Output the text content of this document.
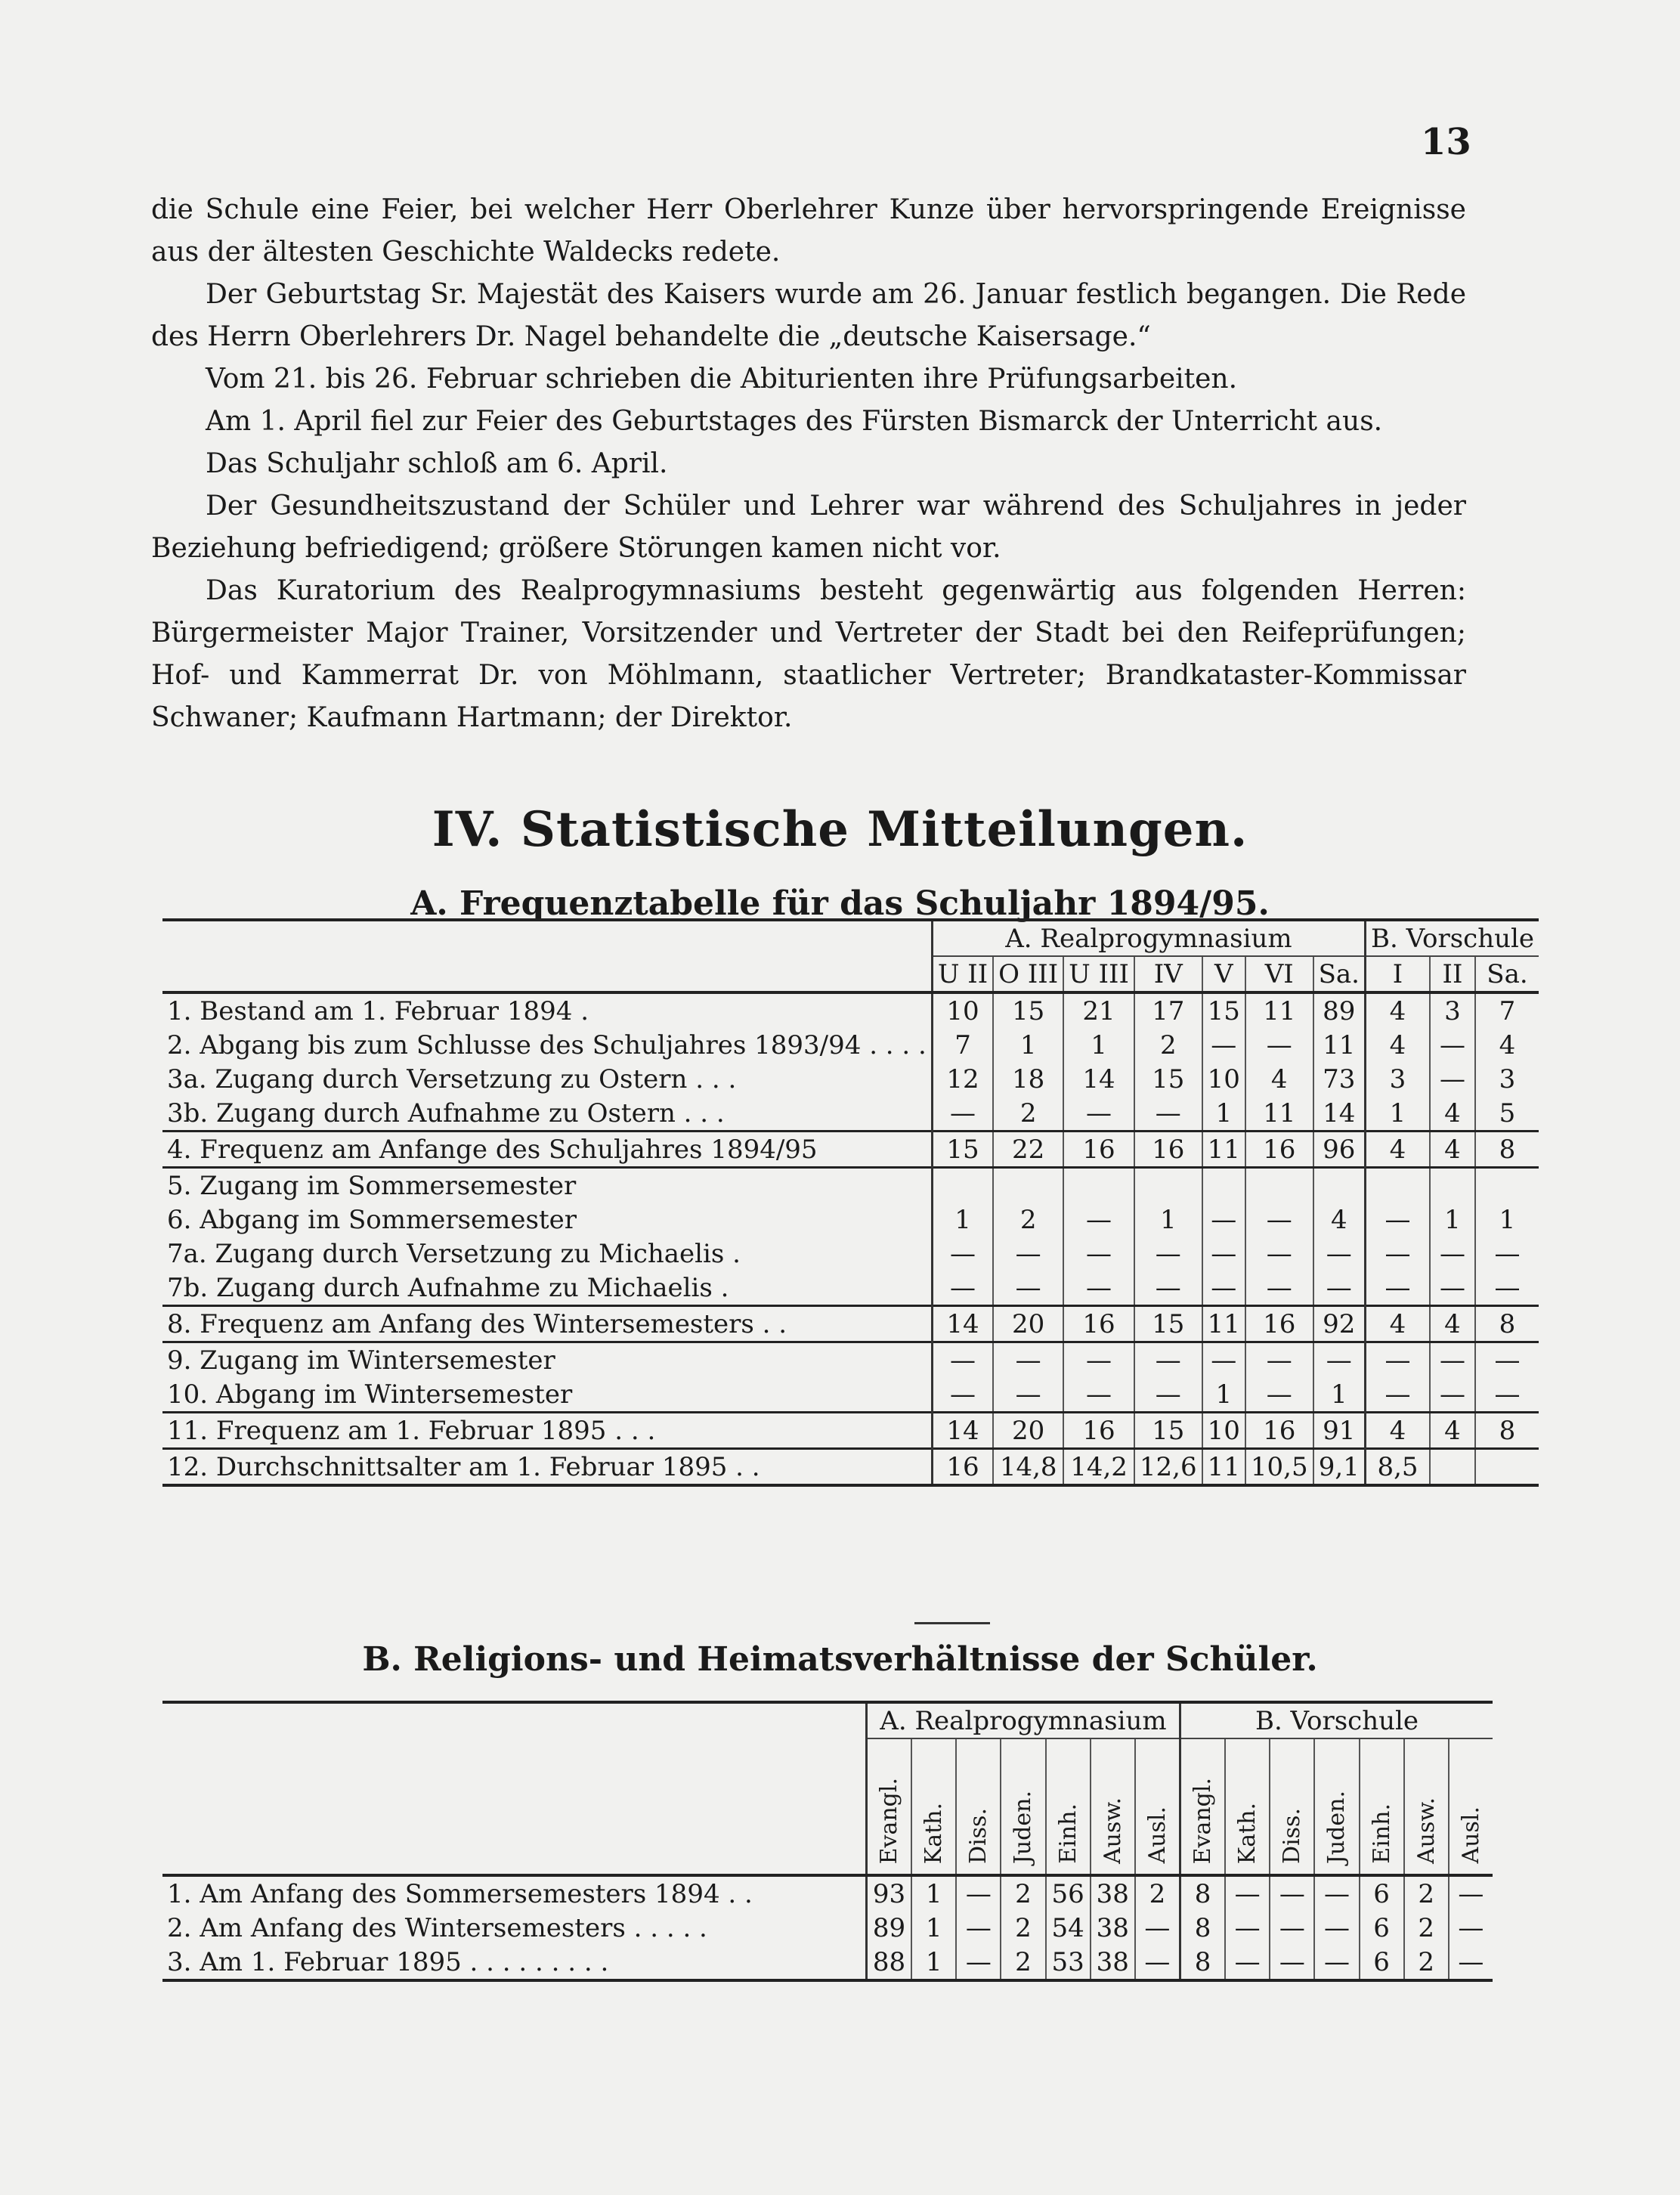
13

die Schule eine Feier, bei welcher Herr Oberlehrer Kunze über hervorspringende Ereignisse aus der ältesten Geschichte Waldecks redete.

Der Geburtstag Sr. Majestät des Kaisers wurde am 26. Januar festlich begangen. Die Rede des Herrn Oberlehrers Dr. Nagel behandelte die „deutsche Kaisersage.“

Vom 21. bis 26. Februar schrieben die Abiturienten ihre Prüfungsarbeiten.

Am 1. April fiel zur Feier des Geburtstages des Fürsten Bismarck der Unterricht aus.

Das Schuljahr schloß am 6. April.

Der Gesundheitszustand der Schüler und Lehrer war während des Schuljahres in jeder Beziehung befriedigend; größere Störungen kamen nicht vor.

Das Kuratorium des Realprogymnasiums besteht gegenwärtig aus folgenden Herren: Bürgermeister Major Trainer, Vorsitzender und Vertreter der Stadt bei den Reifeprüfungen; Hof- und Kammerrat Dr. von Möhlmann, staatlicher Vertreter; Brandkataster-Kommissar Schwaner; Kaufmann Hartmann; der Direktor.

IV. Statistische Mitteilungen.
A. Frequenztabelle für das Schuljahr 1894/95.
	A. Realprogymnasium							B. Vorschule		
	U II	O III	U III	IV	V	VI	Sa.	I	II	Sa.
1. Bestand am 1. Februar 1894 .	10	15	21	17	15	11	89	4	3	7
2. Abgang bis zum Schlusse des Schuljahres 1893/94 . . . .	7	1	1	2	—	—	11	4	—	4
3a. Zugang durch Versetzung zu Ostern . . .	12	18	14	15	10	4	73	3	—	3
3b. Zugang durch Aufnahme zu Ostern . . .	—	2	—	—	1	11	14	1	4	5
4. Frequenz am Anfange des Schuljahres 1894/95	15	22	16	16	11	16	96	4	4	8
5. Zugang im Sommersemester										
6. Abgang im Sommersemester	1	2	—	1	—	—	4	—	1	1
7a. Zugang durch Versetzung zu Michaelis .	—	—	—	—	—	—	—	—	—	—
7b. Zugang durch Aufnahme zu Michaelis .	—	—	—	—	—	—	—	—	—	—
8. Frequenz am Anfang des Wintersemesters . .	14	20	16	15	11	16	92	4	4	8
9. Zugang im Wintersemester	—	—	—	—	—	—	—	—	—	—
10. Abgang im Wintersemester	—	—	—	—	1	—	1	—	—	—
11. Frequenz am 1. Februar 1895 . . .	14	20	16	15	10	16	91	4	4	8
12. Durchschnittsalter am 1. Februar 1895 . .	16	14,8	14,2	12,6	11	10,5	9,1	8,5		
B. Religions- und Heimatsverhältnisse der Schüler.
	A. Realprogymnasium							B. Vorschule						
	Evangl.	Kath.	Diss.	Juden.	Einh.	Ausw.	Ausl.	Evangl.	Kath.	Diss.	Juden.	Einh.	Ausw.	Ausl.
1. Am Anfang des Sommersemesters 1894 . .	93	1	—	2	56	38	2	8	—	—	—	6	2	—
2. Am Anfang des Wintersemesters . . . . .	89	1	—	2	54	38	—	8	—	—	—	6	2	—
3. Am 1. Februar 1895 . . . . . . . . .	88	1	—	2	53	38	—	8	—	—	—	6	2	—
